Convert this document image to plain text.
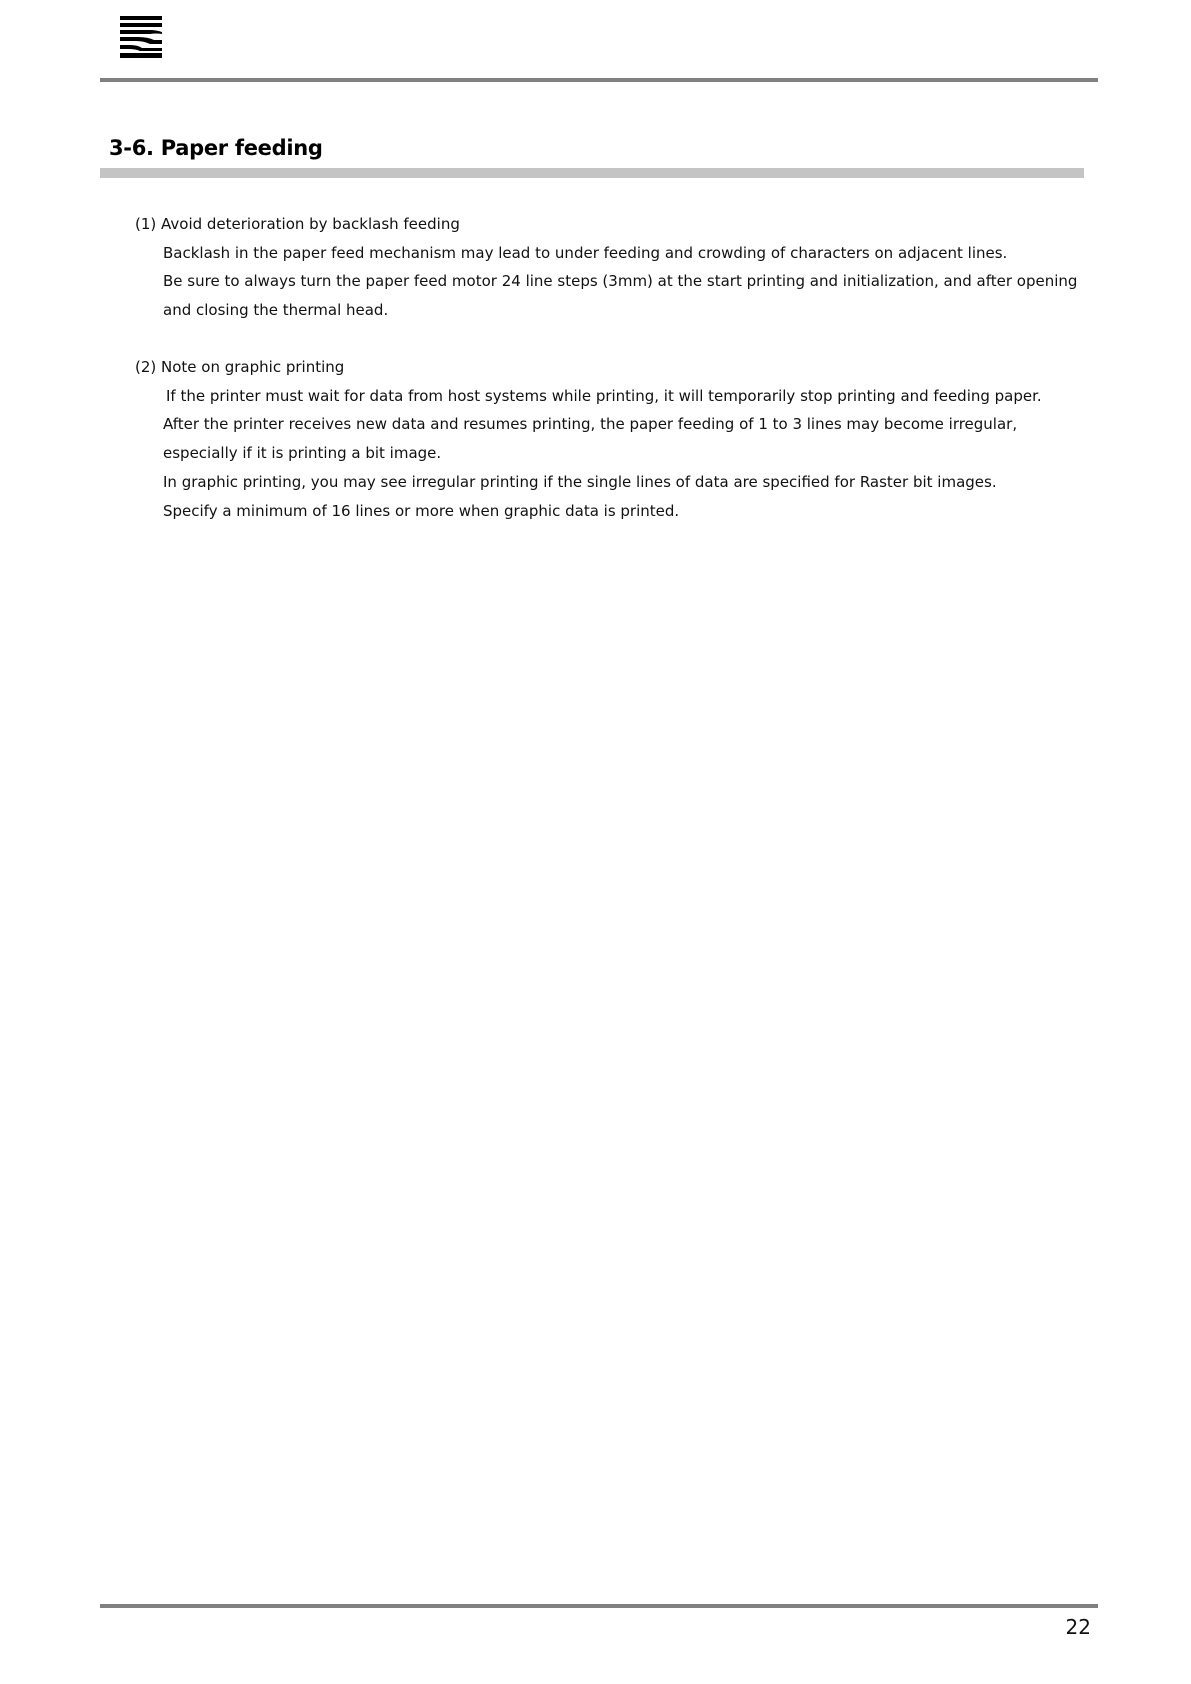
3-6. Paper feeding
(1) Avoid deterioration by backlash feeding
Backlash in the paper feed mechanism may lead to under feeding and crowding of characters on adjacent lines.
Be sure to always turn the paper feed motor 24 line steps (3mm) at the start printing and initialization, and after opening
and closing the thermal head.
(2) Note on graphic printing
If the printer must wait for data from host systems while printing, it will temporarily stop printing and feeding paper.
After the printer receives new data and resumes printing, the paper feeding of 1 to 3 lines may become irregular,
especially if it is printing a bit image.
In graphic printing, you may see irregular printing if the single lines of data are specified for Raster bit images.
Specify a minimum of 16 lines or more when graphic data is printed.
22
